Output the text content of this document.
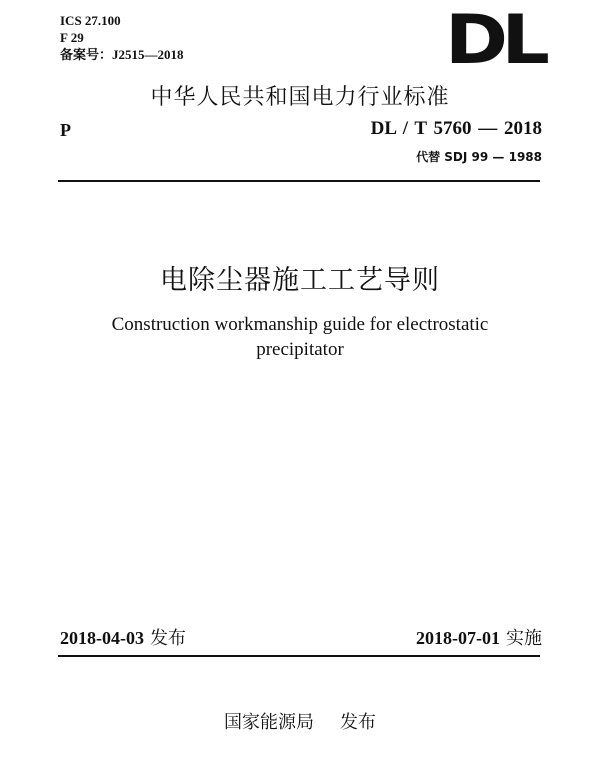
ICS 27.100
F 29
备案号：J2515—2018	DL
中华人民共和国电力行业标准
P	DL / T 5760 — 2018
代替 SDJ 99 — 1988
电除尘器施工工艺导则
Construction workmanship guide for electrostatic
precipitator
2018-04-03 发布	2018-07-01 实施
国家能源局 发布
